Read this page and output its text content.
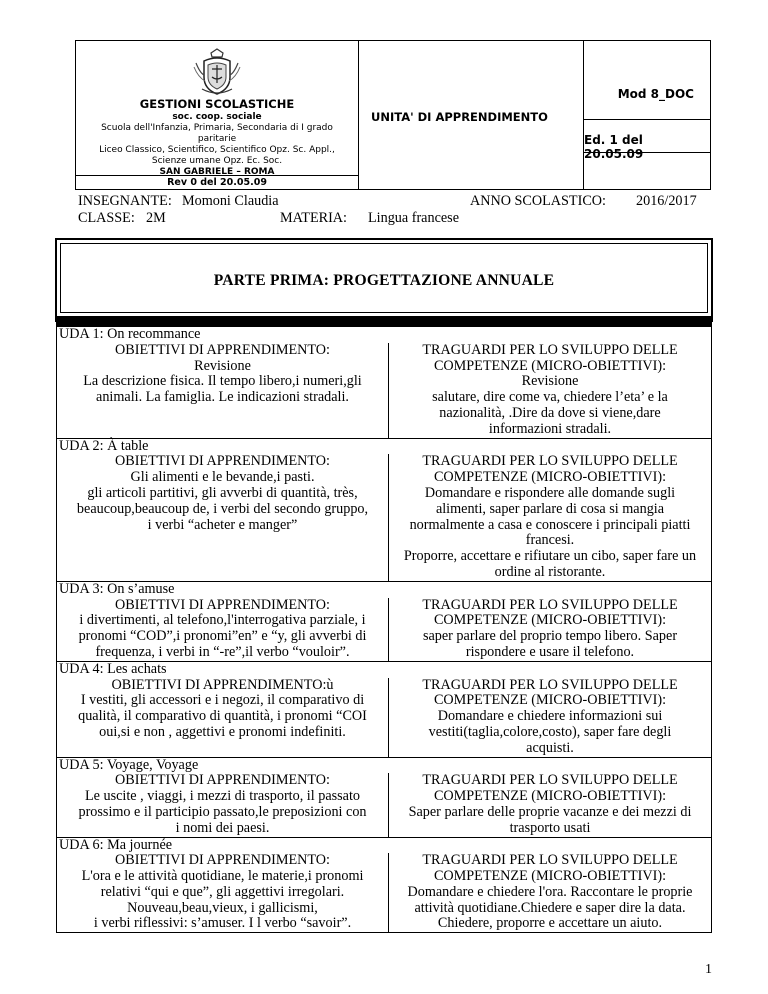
GESTIONI SCOLASTICHE
soc. coop. sociale
Scuola dell'Infanzia, Primaria, Secondaria di I grado
paritarie
Liceo Classico, Scientifico, Scientifico Opz. Sc. Appl.,
Scienze umane Opz. Ec. Soc.
SAN GABRIELE – ROMA
Rev 0 del 20.05.09
UNITA' DI APPRENDIMENTO
Mod 8_DOC
Ed. 1 del 20.05.09
INSEGNANTE: Momoni Claudia	ANNO SCOLASTICO: 2016/2017
CLASSE: 2M	MATERIA: Lingua francese
PARTE PRIMA: PROGETTAZIONE ANNUALE
UDA 1: On recommance
OBIETTIVI DI APPRENDIMENTO:
Revisione
La descrizione fisica. Il tempo libero,i numeri,gli
animali. La famiglia. Le indicazioni stradali.
TRAGUARDI PER LO SVILUPPO DELLE
COMPETENZE (MICRO-OBIETTIVI):
Revisione
salutare, dire come va, chiedere l’eta’ e la
nazionalità, .Dire da dove si viene,dare
informazioni stradali.
UDA 2: À table
OBIETTIVI DI APPRENDIMENTO:
Gli alimenti e le bevande,i pasti.
gli articoli partitivi, gli avverbi di quantità, très,
beaucoup,beaucoup de, i verbi del secondo gruppo,
i verbi “acheter e manger”
TRAGUARDI PER LO SVILUPPO DELLE
COMPETENZE (MICRO-OBIETTIVI):
Domandare e rispondere alle domande sugli
alimenti, saper parlare di cosa si mangia
normalmente a casa e conoscere i principali piatti
francesi.
Proporre, accettare e rifiutare un cibo, saper fare un
ordine al ristorante.
UDA 3: On s’amuse
OBIETTIVI DI APPRENDIMENTO:
i divertimenti, al telefono,l'interrogativa parziale, i
pronomi “COD”,i pronomi”en” e “y, gli avverbi di
frequenza, i verbi in “-re”,il verbo “vouloir”.
TRAGUARDI PER LO SVILUPPO DELLE
COMPETENZE (MICRO-OBIETTIVI):
saper parlare del proprio tempo libero. Saper
rispondere e usare il telefono.
UDA 4: Les achats
OBIETTIVI DI APPRENDIMENTO:ù
I vestiti, gli accessori e i negozi, il comparativo di
qualità, il comparativo di quantità, i pronomi “COI
oui,si e non , aggettivi e pronomi indefiniti.
TRAGUARDI PER LO SVILUPPO DELLE
COMPETENZE (MICRO-OBIETTIVI):
Domandare e chiedere informazioni sui
vestiti(taglia,colore,costo), saper fare degli
acquisti.
UDA 5: Voyage, Voyage
OBIETTIVI DI APPRENDIMENTO:
Le uscite , viaggi, i mezzi di trasporto, il passato
prossimo e il participio passato,le preposizioni con
i nomi dei paesi.
TRAGUARDI PER LO SVILUPPO DELLE
COMPETENZE (MICRO-OBIETTIVI):
Saper parlare delle proprie vacanze e dei mezzi di
trasporto usati
UDA 6: Ma journée
OBIETTIVI DI APPRENDIMENTO:
L'ora e le attività quotidiane, le materie,i pronomi
relativi “qui e que”, gli aggettivi irregolari.
Nouveau,beau,vieux, i gallicismi,
i verbi riflessivi: s’amuser. I l verbo “savoir”.
TRAGUARDI PER LO SVILUPPO DELLE
COMPETENZE (MICRO-OBIETTIVI):
Domandare e chiedere l'ora. Raccontare le proprie
attività quotidiane.Chiedere e saper dire la data.
Chiedere, proporre e accettare un aiuto.
1
